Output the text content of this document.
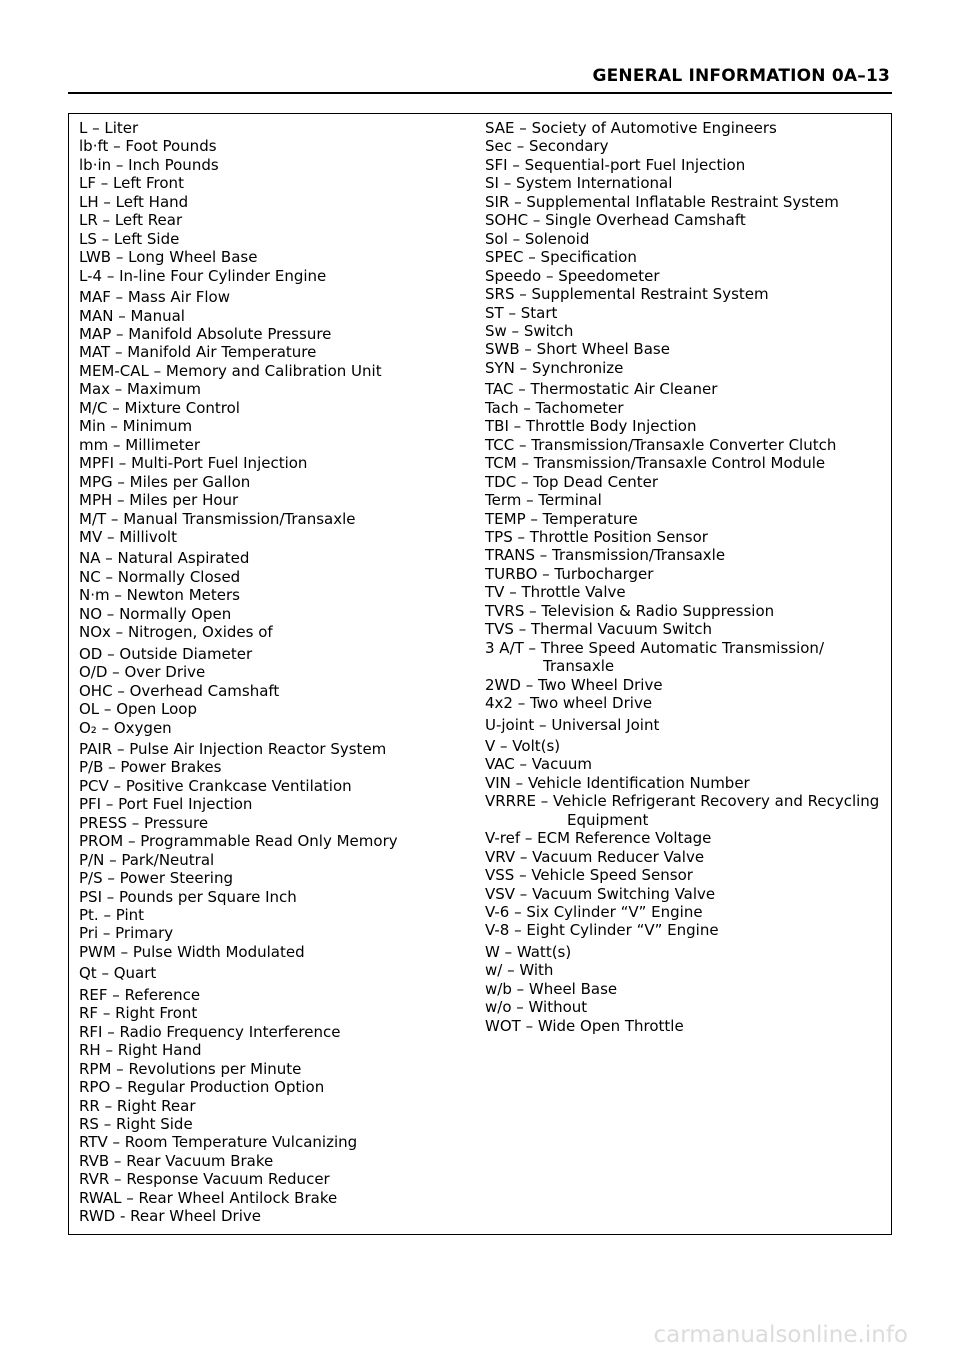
GENERAL INFORMATION 0A–13
L – Liter
lb·ft – Foot Pounds
lb·in – Inch Pounds
LF – Left Front
LH – Left Hand
LR – Left Rear
LS – Left Side
LWB – Long Wheel Base
L-4 – In-line Four Cylinder Engine
MAF – Mass Air Flow
MAN – Manual
MAP – Manifold Absolute Pressure
MAT – Manifold Air Temperature
MEM-CAL – Memory and Calibration Unit
Max – Maximum
M/C – Mixture Control
Min – Minimum
mm – Millimeter
MPFI – Multi-Port Fuel Injection
MPG – Miles per Gallon
MPH – Miles per Hour
M/T – Manual Transmission/Transaxle
MV – Millivolt
NA – Natural Aspirated
NC – Normally Closed
N·m – Newton Meters
NO – Normally Open
NOx – Nitrogen, Oxides of
OD – Outside Diameter
O/D – Over Drive
OHC – Overhead Camshaft
OL – Open Loop
O₂ – Oxygen
PAIR – Pulse Air Injection Reactor System
P/B – Power Brakes
PCV – Positive Crankcase Ventilation
PFI – Port Fuel Injection
PRESS – Pressure
PROM – Programmable Read Only Memory
P/N – Park/Neutral
P/S – Power Steering
PSI – Pounds per Square Inch
Pt. – Pint
Pri – Primary
PWM – Pulse Width Modulated
Qt – Quart
REF – Reference
RF – Right Front
RFI – Radio Frequency Interference
RH – Right Hand
RPM – Revolutions per Minute
RPO – Regular Production Option
RR – Right Rear
RS – Right Side
RTV – Room Temperature Vulcanizing
RVB – Rear Vacuum Brake
RVR – Response Vacuum Reducer
RWAL – Rear Wheel Antilock Brake
RWD - Rear Wheel Drive
SAE – Society of Automotive Engineers
Sec – Secondary
SFI – Sequential-port Fuel Injection
SI – System International
SIR – Supplemental Inflatable Restraint System
SOHC – Single Overhead Camshaft
Sol – Solenoid
SPEC – Specification
Speedo – Speedometer
SRS – Supplemental Restraint System
ST – Start
Sw – Switch
SWB – Short Wheel Base
SYN – Synchronize
TAC – Thermostatic Air Cleaner
Tach – Tachometer
TBI – Throttle Body Injection
TCC – Transmission/Transaxle Converter Clutch
TCM – Transmission/Transaxle Control Module
TDC – Top Dead Center
Term – Terminal
TEMP – Temperature
TPS – Throttle Position Sensor
TRANS – Transmission/Transaxle
TURBO – Turbocharger
TV – Throttle Valve
TVRS – Television & Radio Suppression
TVS – Thermal Vacuum Switch
3 A/T – Three Speed Automatic Transmission/
Transaxle
2WD – Two Wheel Drive
4x2 – Two wheel Drive
U-joint – Universal Joint
V – Volt(s)
VAC – Vacuum
VIN – Vehicle Identification Number
VRRRE – Vehicle Refrigerant Recovery and Recycling
Equipment
V-ref – ECM Reference Voltage
VRV – Vacuum Reducer Valve
VSS – Vehicle Speed Sensor
VSV – Vacuum Switching Valve
V-6 – Six Cylinder “V” Engine
V-8 – Eight Cylinder “V” Engine
W – Watt(s)
w/ – With
w/b – Wheel Base
w/o – Without
WOT – Wide Open Throttle
carmanualsonline.info
